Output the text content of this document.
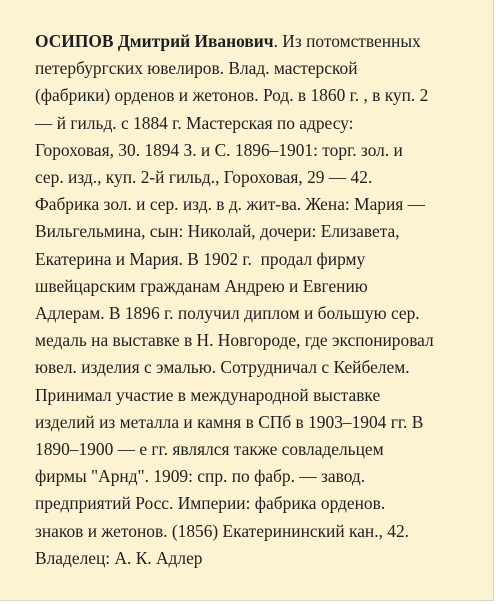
ОСИПОВ Дмитрий Иванович. Из потомственных
петербургских ювелиров. Влад. мастерской
(фабрики) орденов и жетонов. Род. в 1860 г. , в куп. 2
— й гильд. с 1884 г. Мастерская по адресу:
Гороховая, 30. 1894 З. и С. 1896–1901: торг. зол. и
сер. изд., куп. 2-й гильд., Гороховая, 29 — 42.
Фабрика зол. и сер. изд. в д. жит-ва. Жена: Мария —
Вильгельмина, сын: Николай, дочери: Елизавета,
Екатерина и Мария. В 1902 г.  продал фирму
швейцарским гражданам Андрею и Евгению
Адлерам. В 1896 г. получил диплом и большую сер.
медаль на выставке в Н. Новгороде, где экспонировал
ювел. изделия с эмалью. Сотрудничал с Кейбелем.
Принимал участие в международной выставке
изделий из металла и камня в СПб в 1903–1904 гг. В
1890–1900 — е гг. являлся также совладельцем
фирмы "Арнд". 1909: спр. по фабр. — завод.
предприятий Росс. Империи: фабрика орденов.
знаков и жетонов. (1856) Екатерининский кан., 42.
Владелец: А. К. Адлер
